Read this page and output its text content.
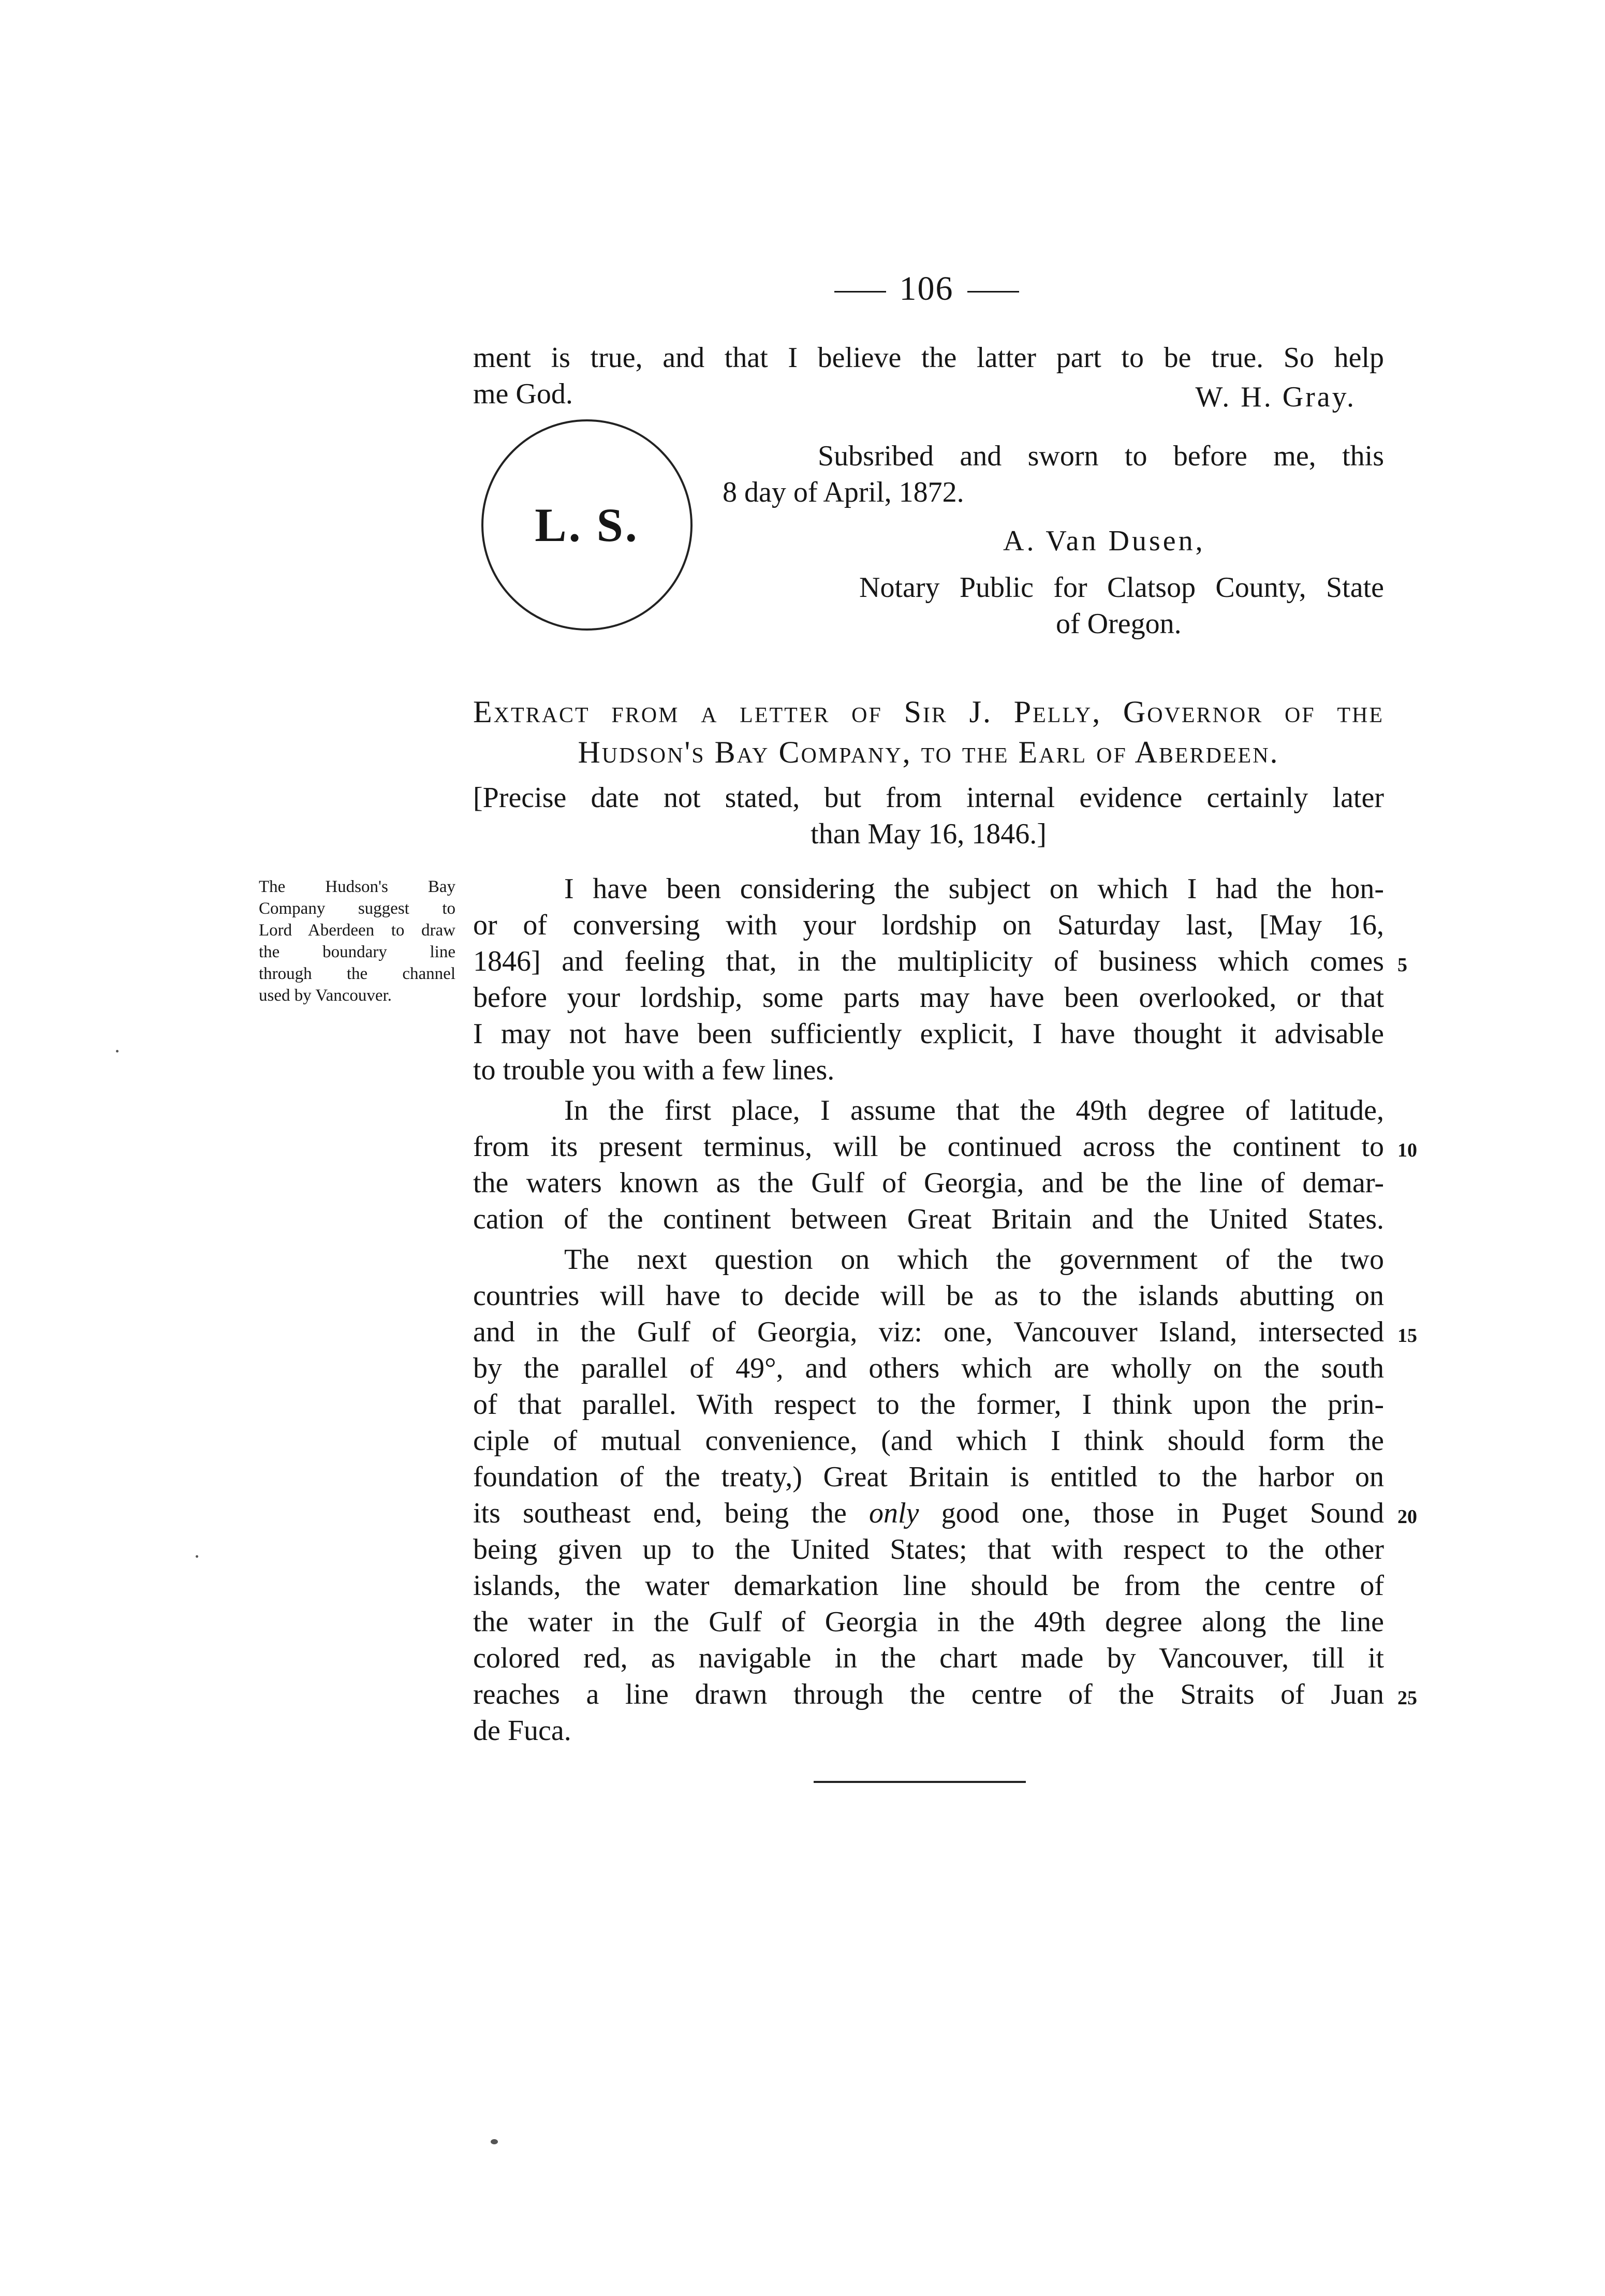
106
ment is true, and that I believe the latter part to be true. So help
me God.	W. H. Gray.
L. S.
Subsribed and sworn to before me, this
8 day of April, 1872.
A. Van Dusen,
Notary Public for Clatsop County, State
of Oregon.
Extract from a letter of Sir J. Pelly, Governor of the
Hudson's Bay Company, to the Earl of Aberdeen.
[Precise date not stated, but from internal evidence certainly later
than May 16, 1846.]
The Hudson's Bay
Company suggest to
Lord Aberdeen to draw
the boundary line
through the channel
used by Vancouver.
I have been considering the subject on which I had the hon-
or of conversing with your lordship on Saturday last, [May 16,
1846] and feeling that, in the multiplicity of business which comes
before your lordship, some parts may have been overlooked, or that
I may not have been sufficiently explicit, I have thought it advisable
to trouble you with a few lines.
In the first place, I assume that the 49th degree of latitude,
from its present terminus, will be continued across the continent to
the waters known as the Gulf of Georgia, and be the line of demar-
cation of the continent between Great Britain and the United States.
The next question on which the government of the two
countries will have to decide will be as to the islands abutting on
and in the Gulf of Georgia, viz: one, Vancouver Island, intersected
by the parallel of 49°, and others which are wholly on the south
of that parallel. With respect to the former, I think upon the prin-
ciple of mutual convenience, (and which I think should form the
foundation of the treaty,) Great Britain is entitled to the harbor on
its southeast end, being the only good one, those in Puget Sound
being given up to the United States; that with respect to the other
islands, the water demarkation line should be from the centre of
the water in the Gulf of Georgia in the 49th degree along the line
colored red, as navigable in the chart made by Vancouver, till it
reaches a line drawn through the centre of the Straits of Juan
de Fuca.
5
10
15
20
25
